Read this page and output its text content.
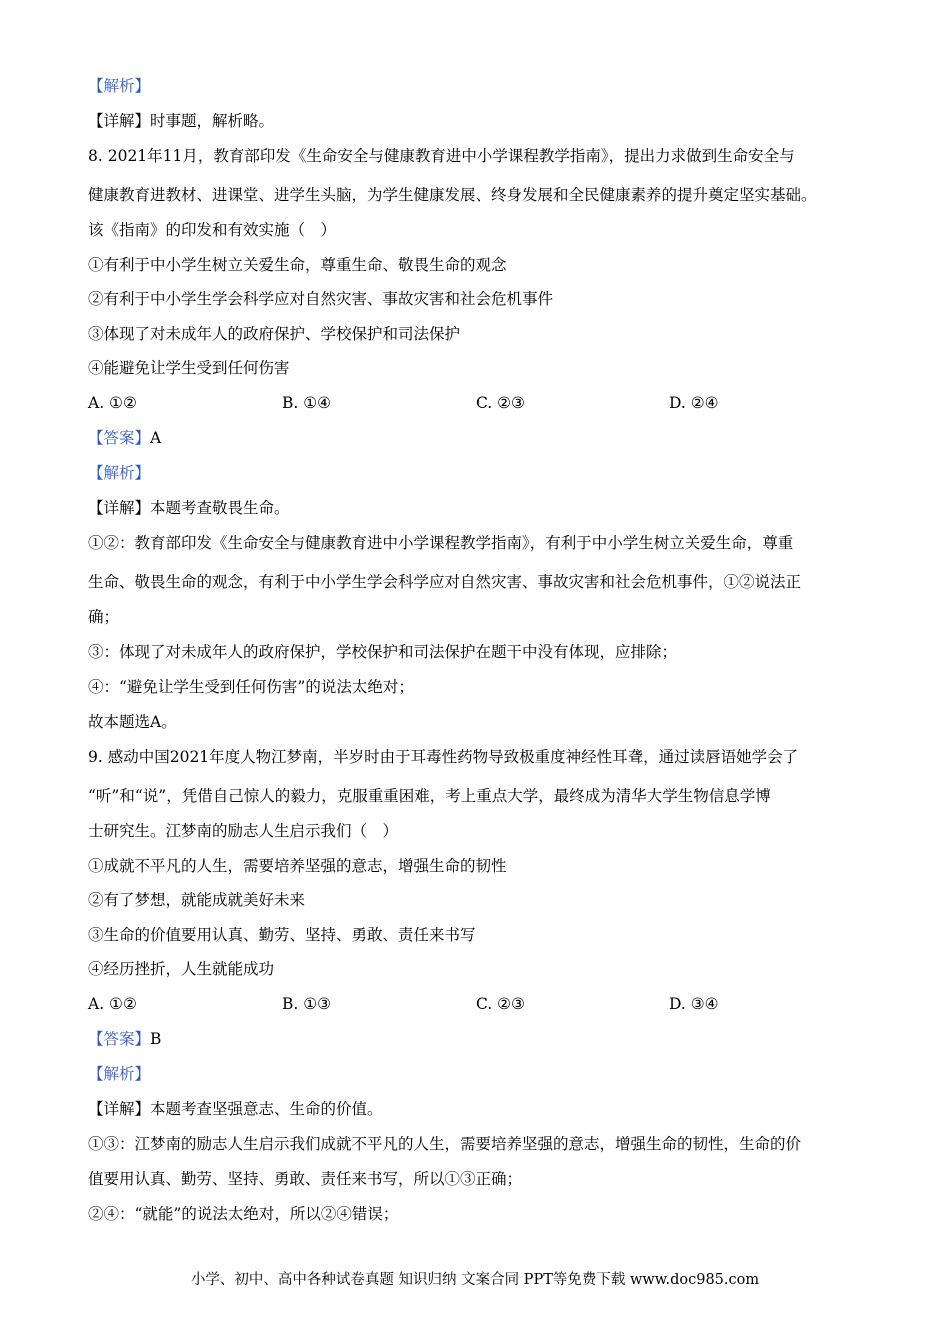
【解析】
【详解】时事题，解析略。
8. 2021年11月，教育部印发《生命安全与健康教育进中小学课程教学指南》，提出力求做到生命安全与
健康教育进教材、进课堂、进学生头脑，为学生健康发展、终身发展和全民健康素养的提升奠定坚实基础。
该《指南》的印发和有效实施（　）
①有利于中小学生树立关爱生命，尊重生命、敬畏生命的观念
②有利于中小学生学会科学应对自然灾害、事故灾害和社会危机事件
③体现了对未成年人的政府保护、学校保护和司法保护
④能避免让学生受到任何伤害
A. ①②	B. ①④	C. ②③	D. ②④
【答案】A
【解析】
【详解】本题考查敬畏生命。
①②：教育部印发《生命安全与健康教育进中小学课程教学指南》，有利于中小学生树立关爱生命，尊重
生命、敬畏生命的观念，有利于中小学生学会科学应对自然灾害、事故灾害和社会危机事件，①②说法正
确；
③：体现了对未成年人的政府保护，学校保护和司法保护在题干中没有体现，应排除；
④：“避免让学生受到任何伤害”的说法太绝对；
故本题选A。
9. 感动中国2021年度人物江梦南，半岁时由于耳毒性药物导致极重度神经性耳聋，通过读唇语她学会了
“听”和“说”，凭借自己惊人的毅力，克服重重困难，考上重点大学，最终成为清华大学生物信息学博
士研究生。江梦南的励志人生启示我们（　）
①成就不平凡的人生，需要培养坚强的意志，增强生命的韧性
②有了梦想，就能成就美好未来
③生命的价值要用认真、勤劳、坚持、勇敢、责任来书写
④经历挫折，人生就能成功
A. ①②	B. ①③	C. ②③	D. ③④
【答案】B
【解析】
【详解】本题考查坚强意志、生命的价值。
①③：江梦南的励志人生启示我们成就不平凡的人生，需要培养坚强的意志，增强生命的韧性，生命的价
值要用认真、勤劳、坚持、勇敢、责任来书写，所以①③正确；
②④：“就能”的说法太绝对，所以②④错误；
小学、初中、高中各种试卷真题 知识归纳 文案合同 PPT等免费下载 www.doc985.com
